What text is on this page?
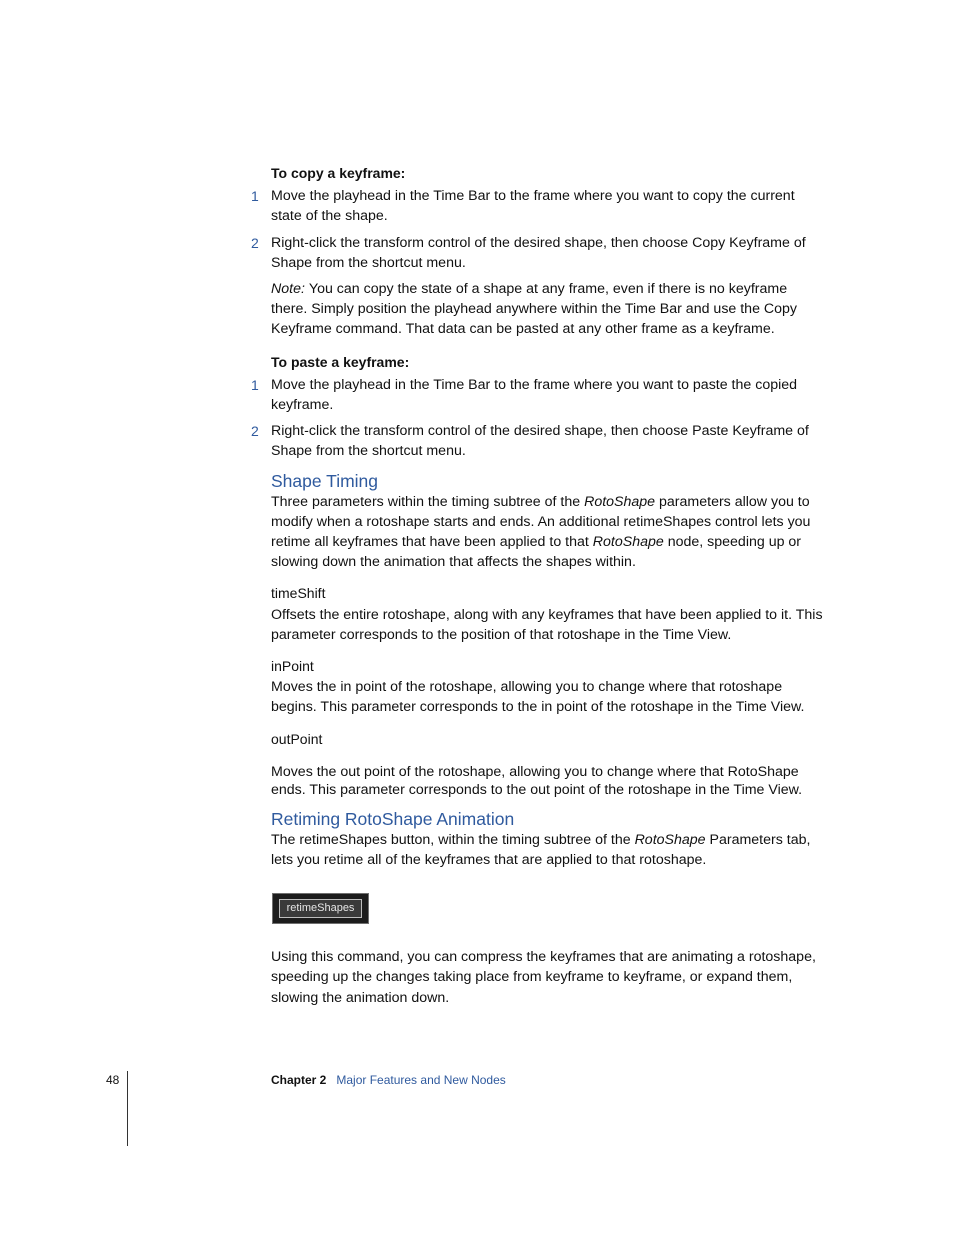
To copy a keyframe:

1 Move the playhead in the Time Bar to the frame where you want to copy the current state of the shape.
2 Right-click the transform control of the desired shape, then choose Copy Keyframe of Shape from the shortcut menu.

Note: You can copy the state of a shape at any frame, even if there is no keyframe there. Simply position the playhead anywhere within the Time Bar and use the Copy Keyframe command. That data can be pasted at any other frame as a keyframe.

To paste a keyframe:

1 Move the playhead in the Time Bar to the frame where you want to paste the copied keyframe.
2 Right-click the transform control of the desired shape, then choose Paste Keyframe of Shape from the shortcut menu.
Shape Timing

Three parameters within the timing subtree of the RotoShape parameters allow you to modify when a rotoshape starts and ends. An additional retimeShapes control lets you retime all keyframes that have been applied to that RotoShape node, speeding up or slowing down the animation that affects the shapes within.

timeShift

Offsets the entire rotoshape, along with any keyframes that have been applied to it. This parameter corresponds to the position of that rotoshape in the Time View.

inPoint

Moves the in point of the rotoshape, allowing you to change where that rotoshape begins. This parameter corresponds to the in point of the rotoshape in the Time View.

outPoint

Moves the out point of the rotoshape, allowing you to change where that RotoShape ends. This parameter corresponds to the out point of the rotoshape in the Time View.

Retiming RotoShape Animation

The retimeShapes button, within the timing subtree of the RotoShape Parameters tab, lets you retime all of the keyframes that are applied to that rotoshape.

retimeShapes

Using this command, you can compress the keyframes that are animating a rotoshape, speeding up the changes taking place from keyframe to keyframe, or expand them, slowing the animation down.

48	Chapter 2 Major Features and New Nodes
